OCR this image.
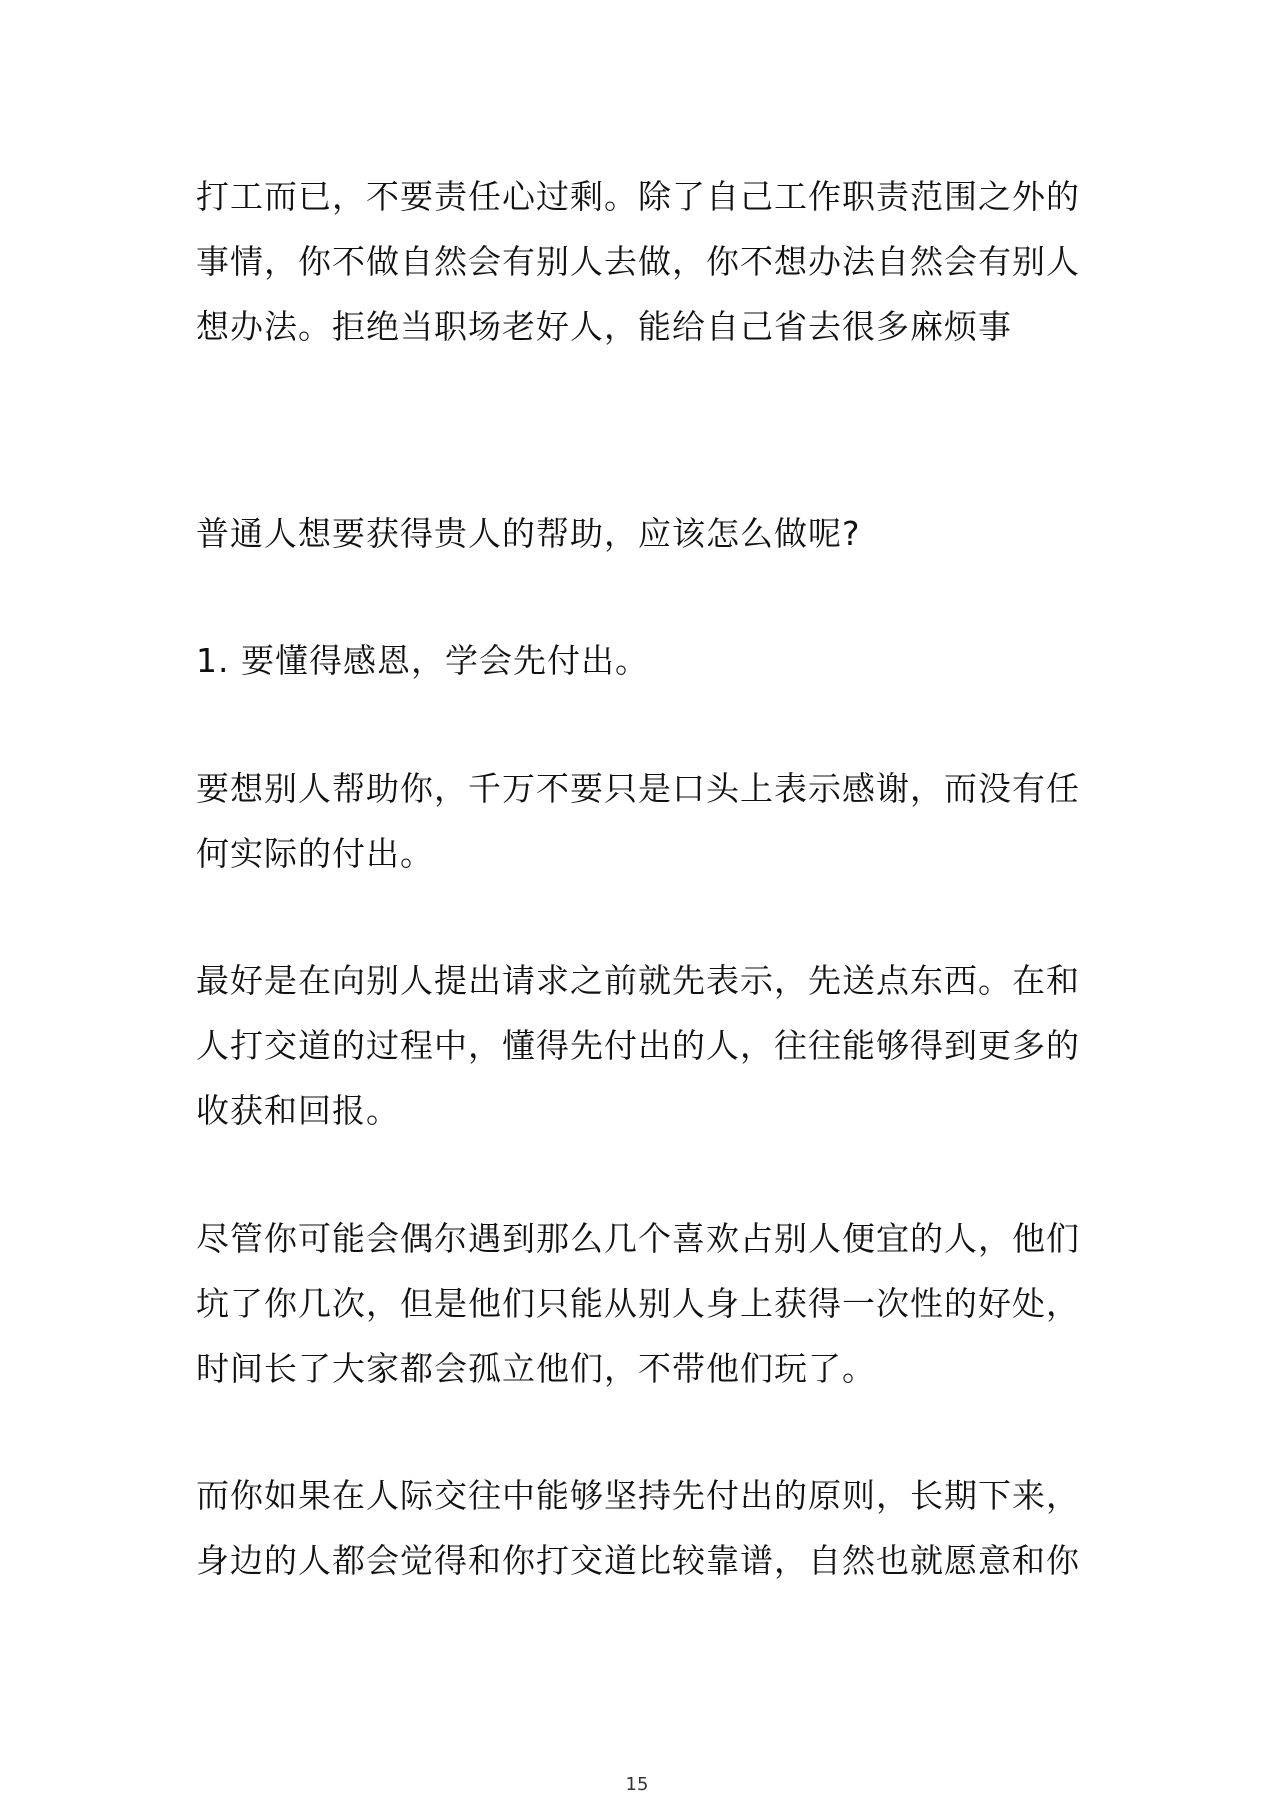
打工而已，不要责任心过剩。除了自己工作职责范围之外的
事情，你不做自然会有别人去做，你不想办法自然会有别人
想办法。拒绝当职场老好人，能给自己省去很多麻烦事
普通人想要获得贵人的帮助，应该怎么做呢?
1. 要懂得感恩，学会先付出。
要想别人帮助你，千万不要只是口头上表示感谢，而没有任
何实际的付出。
最好是在向别人提出请求之前就先表示，先送点东西。在和
人打交道的过程中，懂得先付出的人，往往能够得到更多的
收获和回报。
尽管你可能会偶尔遇到那么几个喜欢占别人便宜的人，他们
坑了你几次，但是他们只能从别人身上获得一次性的好处，
时间长了大家都会孤立他们，不带他们玩了。
而你如果在人际交往中能够坚持先付出的原则，长期下来，
身边的人都会觉得和你打交道比较靠谱，自然也就愿意和你
15
